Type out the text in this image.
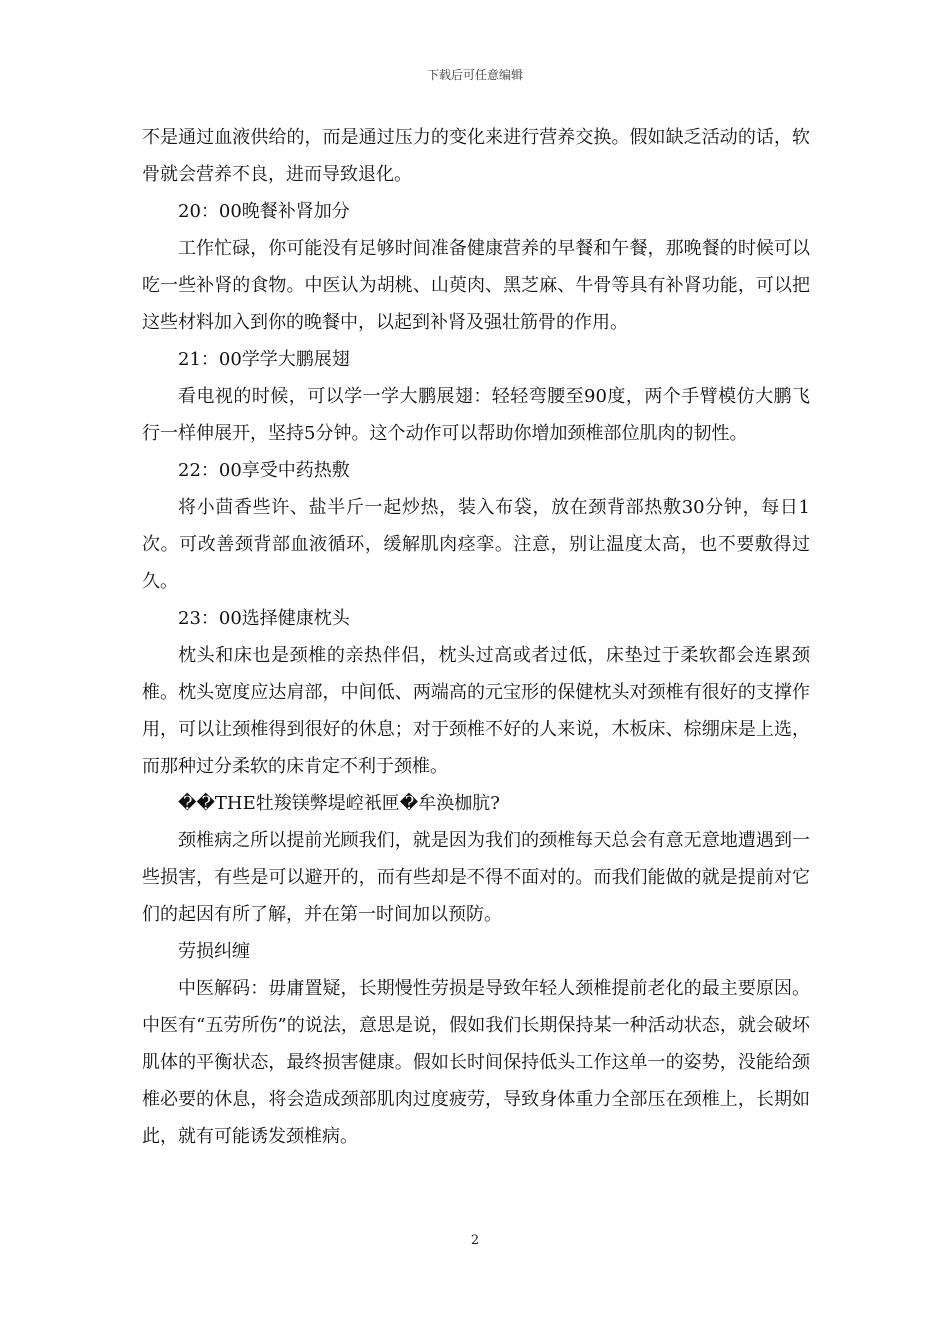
下载后可任意编辑

不是通过血液供给的，而是通过压力的变化来进行营养交换。假如缺乏活动的话，软骨就会营养不良，进而导致退化。

20：00晚餐补肾加分

工作忙碌，你可能没有足够时间准备健康营养的早餐和午餐，那晚餐的时候可以吃一些补肾的食物。中医认为胡桃、山萸肉、黑芝麻、牛骨等具有补肾功能，可以把这些材料加入到你的晚餐中，以起到补肾及强壮筋骨的作用。

21：00学学大鹏展翅

看电视的时候，可以学一学大鹏展翅：轻轻弯腰至90度，两个手臂模仿大鹏飞行一样伸展开，坚持5分钟。这个动作可以帮助你增加颈椎部位肌肉的韧性。

22：00享受中药热敷

将小茴香些许、盐半斤一起炒热，装入布袋，放在颈背部热敷30分钟，每日1次。可改善颈背部血液循环，缓解肌肉痉挛。注意，别让温度太高，也不要敷得过久。

23：00选择健康枕头

枕头和床也是颈椎的亲热伴侣，枕头过高或者过低，床垫过于柔软都会连累颈椎。枕头宽度应达肩部，中间低、两端高的元宝形的保健枕头对颈椎有很好的支撑作用，可以让颈椎得到很好的休息；对于颈椎不好的人来说，木板床、棕绷床是上选，而那种过分柔软的床肯定不利于颈椎。

��THE牡羧镁弊堤崆衹匣�牟涣枷肮?

颈椎病之所以提前光顾我们，就是因为我们的颈椎每天总会有意无意地遭遇到一些损害，有些是可以避开的，而有些却是不得不面对的。而我们能做的就是提前对它们的起因有所了解，并在第一时间加以预防。

劳损纠缠

中医解码：毋庸置疑，长期慢性劳损是导致年轻人颈椎提前老化的最主要原因。中医有“五劳所伤”的说法，意思是说，假如我们长期保持某一种活动状态，就会破坏肌体的平衡状态，最终损害健康。假如长时间保持低头工作这单一的姿势，没能给颈椎必要的休息，将会造成颈部肌肉过度疲劳，导致身体重力全部压在颈椎上，长期如此，就有可能诱发颈椎病。

2
